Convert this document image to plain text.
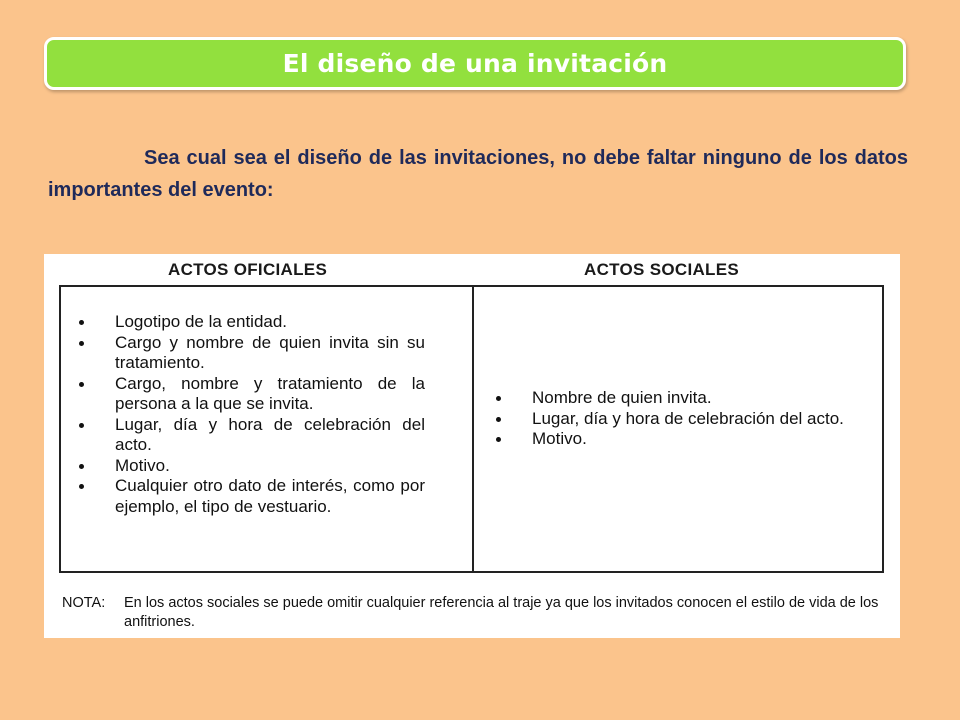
El diseño de una invitación

Sea cual sea el diseño de las invitaciones, no debe faltar ninguno de los datos importantes del evento:

ACTOS OFICIALES	ACTOS SOCIALES
Logotipo de la entidad.
Cargo y nombre de quien invita sin su tratamiento.
Cargo, nombre y tratamiento de la persona a la que se invita.
Lugar, día y hora de celebración del acto.
Motivo.
Cualquier otro dato de interés, como por ejemplo, el tipo de vestuario.
Nombre de quien invita.
Lugar, día y hora de celebración del acto.
Motivo.
NOTA:	En los actos sociales se puede omitir cualquier referencia al traje ya que los invitados conocen el estilo de vida de los anfitriones.
